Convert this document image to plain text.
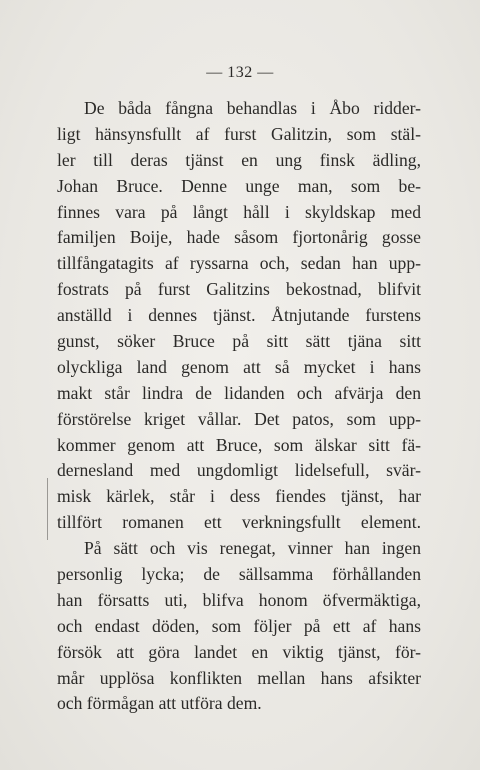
— 132 —
De båda fångna behandlas i Åbo ridder-
ligt hänsynsfullt af furst Galitzin, som stäl-
ler till deras tjänst en ung finsk ädling,
Johan Bruce. Denne unge man, som be-
finnes vara på långt håll i skyldskap med
familjen Boije, hade såsom fjortonårig gosse
tillfångatagits af ryssarna och, sedan han upp-
fostrats på furst Galitzins bekostnad, blifvit
anställd i dennes tjänst. Åtnjutande furstens
gunst, söker Bruce på sitt sätt tjäna sitt
olyckliga land genom att så mycket i hans
makt står lindra de lidanden och afvärja den
förstörelse kriget vållar. Det patos, som upp-
kommer genom att Bruce, som älskar sitt fä-
dernesland med ungdomligt lidelsefull, svär-
misk kärlek, står i dess fiendes tjänst, har
tillfört romanen ett verkningsfullt element.
På sätt och vis renegat, vinner han ingen
personlig lycka; de sällsamma förhållanden
han försatts uti, blifva honom öfvermäktiga,
och endast döden, som följer på ett af hans
försök att göra landet en viktig tjänst, för-
mår upplösa konflikten mellan hans afsikter
och förmågan att utföra dem.
